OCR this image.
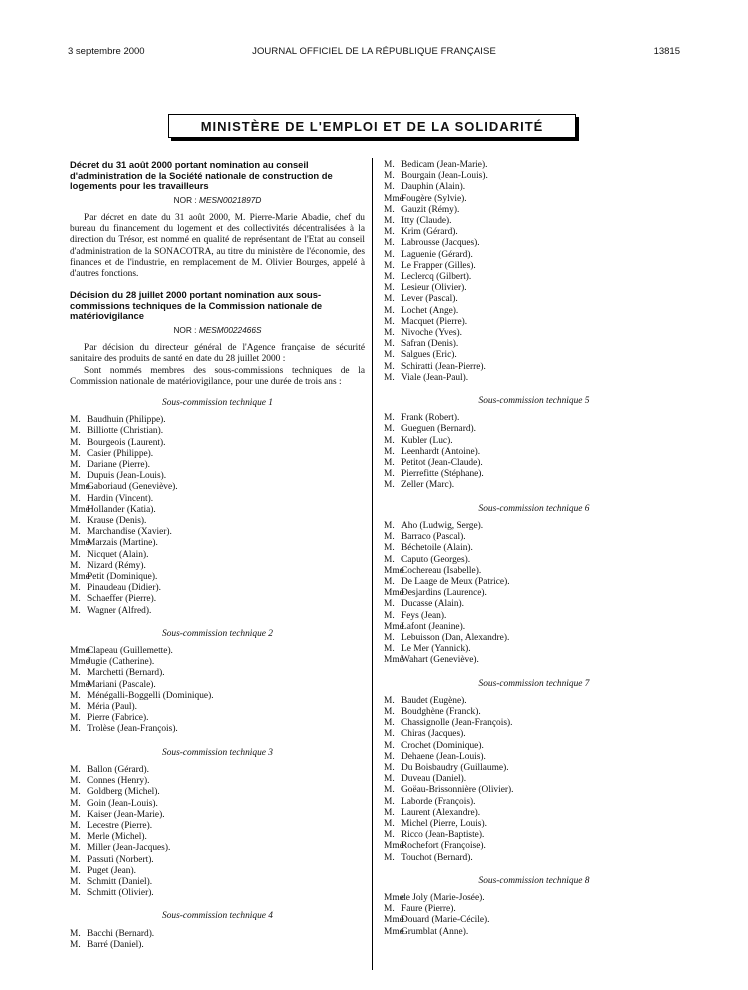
3 septembre 2000	JOURNAL OFFICIEL DE LA RÉPUBLIQUE FRANÇAISE	13815
MINISTÈRE DE L'EMPLOI ET DE LA SOLIDARITÉ
Décret du 31 août 2000 portant nomination au conseil d'administration de la Société nationale de construction de logements pour les travailleurs
NOR : MESN0021897D

Par décret en date du 31 août 2000, M. Pierre-Marie Abadie, chef du bureau du financement du logement et des collectivités décentralisées à la direction du Trésor, est nommé en qualité de représentant de l'Etat au conseil d'administration de la SONACOTRA, au titre du ministère de l'économie, des finances et de l'industrie, en remplacement de M. Olivier Bourges, appelé à d'autres fonctions.

Décision du 28 juillet 2000 portant nomination aux sous-commissions techniques de la Commission nationale de matériovigilance
NOR : MESM0022466S

Par décision du directeur général de l'Agence française de sécurité sanitaire des produits de santé en date du 28 juillet 2000 :

Sont nommés membres des sous-commissions techniques de la Commission nationale de matériovigilance, pour une durée de trois ans :

Sous-commission technique 1
M. Baudhuin (Philippe).
M. Billiotte (Christian).
M. Bourgeois (Laurent).
M. Casier (Philippe).
M. Dariane (Pierre).
M. Dupuis (Jean-Louis).
MmeGaboriaud (Geneviève).
M. Hardin (Vincent).
MmeHollander (Katia).
M. Krause (Denis).
M. Marchandise (Xavier).
MmeMarzais (Martine).
M. Nicquet (Alain).
M. Nizard (Rémy).
MmePetit (Dominique).
M. Pinaudeau (Didier).
M. Schaeffer (Pierre).
M. Wagner (Alfred).
Sous-commission technique 2
MmeClapeau (Guillemette).
MmeJugie (Catherine).
M. Marchetti (Bernard).
MmeMariani (Pascale).
M. Ménégalli-Boggelli (Dominique).
M. Méria (Paul).
M. Pierre (Fabrice).
M. Trolèse (Jean-François).
Sous-commission technique 3
M. Ballon (Gérard).
M. Connes (Henry).
M. Goldberg (Michel).
M. Goin (Jean-Louis).
M. Kaiser (Jean-Marie).
M. Lecestre (Pierre).
M. Merle (Michel).
M. Miller (Jean-Jacques).
M. Passuti (Norbert).
M. Puget (Jean).
M. Schmitt (Daniel).
M. Schmitt (Olivier).
Sous-commission technique 4
M. Bacchi (Bernard).
M. Barré (Daniel).
M. Bedicam (Jean-Marie).
M. Bourgain (Jean-Louis).
M. Dauphin (Alain).
MmeFougère (Sylvie).
M. Gauzit (Rémy).
M. Itty (Claude).
M. Krim (Gérard).
M. Labrousse (Jacques).
M. Laguenie (Gérard).
M. Le Frapper (Gilles).
M. Leclercq (Gilbert).
M. Lesieur (Olivier).
M. Lever (Pascal).
M. Lochet (Ange).
M. Macquet (Pierre).
M. Nivoche (Yves).
M. Safran (Denis).
M. Salgues (Eric).
M. Schiratti (Jean-Pierre).
M. Viale (Jean-Paul).
Sous-commission technique 5
M. Frank (Robert).
M. Gueguen (Bernard).
M. Kubler (Luc).
M. Leenhardt (Antoine).
M. Petitot (Jean-Claude).
M. Pierrefitte (Stéphane).
M. Zeller (Marc).
Sous-commission technique 6
M. Aho (Ludwig, Serge).
M. Barraco (Pascal).
M. Béchetoile (Alain).
M. Caputo (Georges).
MmeCochereau (Isabelle).
M. De Laage de Meux (Patrice).
MmeDesjardins (Laurence).
M. Ducasse (Alain).
M. Feys (Jean).
MmeLafont (Jeanine).
M. Lebuisson (Dan, Alexandre).
M. Le Mer (Yannick).
MmeWahart (Geneviève).
Sous-commission technique 7
M. Baudet (Eugène).
M. Boudghène (Franck).
M. Chassignolle (Jean-François).
M. Chiras (Jacques).
M. Crochet (Dominique).
M. Dehaene (Jean-Louis).
M. Du Boisbaudry (Guillaume).
M. Duveau (Daniel).
M. Goëau-Brissonnière (Olivier).
M. Laborde (François).
M. Laurent (Alexandre).
M. Michel (Pierre, Louis).
M. Ricco (Jean-Baptiste).
MmeRochefort (Françoise).
M. Touchot (Bernard).
Sous-commission technique 8
Mmede Joly (Marie-Josée).
M. Faure (Pierre).
MmeDouard (Marie-Cécile).
MmeGrumblat (Anne).
